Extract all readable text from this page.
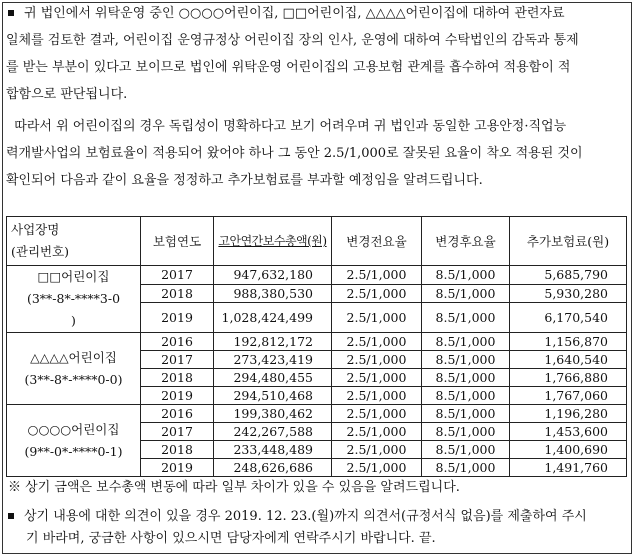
귀 법인에서 위탁운영 중인 ○○○○어린이집, □□어린이집, △△△△어린이집에 대하여 관련자료
일체를 검토한 결과, 어린이집 운영규정상 어린이집 장의 인사, 운영에 대하여 수탁법인의 감독과 통제
를 받는 부분이 있다고 보이므로 법인에 위탁운영 어린이집의 고용보험 관계를 흡수하여 적용함이 적
합함으로 판단됩니다.
따라서 위 어린이집의 경우 독립성이 명확하다고 보기 어려우며 귀 법인과 동일한 고용안정·직업능
력개발사업의 보험료율이 적용되어 왔어야 하나 그 동안 2.5/1,000로 잘못된 요율이 착오 적용된 것이
확인되어 다음과 같이 요율을 정정하고 추가보험료를 부과할 예정임을 알려드립니다.
사업장명
(관리번호)	보험연도	고안연간보수총액(원)	변경전요율	변경후요율	추가보험료(원)
□□어린이집
(3**-8*-****3-0
)	2017	947,632,180	2.5/1,000	8.5/1,000	5,685,790
	2018	988,380,530	2.5/1,000	8.5/1,000	5,930,280
	2019	1,028,424,499	2.5/1,000	8.5/1,000	6,170,540
△△△△어린이집
(3**-8*-****0-0)	2016	192,812,172	2.5/1,000	8.5/1,000	1,156,870
	2017	273,423,419	2.5/1,000	8.5/1,000	1,640,540
	2018	294,480,455	2.5/1,000	8.5/1,000	1,766,880
	2019	294,510,468	2.5/1,000	8.5/1,000	1,767,060
○○○○어린이집
(9**-0*-****0-1)	2016	199,380,462	2.5/1,000	8.5/1,000	1,196,280
	2017	242,267,588	2.5/1,000	8.5/1,000	1,453,600
	2018	233,448,489	2.5/1,000	8.5/1,000	1,400,690
	2019	248,626,686	2.5/1,000	8.5/1,000	1,491,760
※ 상기 금액은 보수총액 변동에 따라 일부 차이가 있을 수 있음을 알려드립니다.
상기 내용에 대한 의견이 있을 경우 2019. 12. 23.(월)까지 의견서(규정서식 없음)를 제출하여 주시
기 바라며, 궁금한 사항이 있으시면 담당자에게 연락주시기 바랍니다. 끝.
